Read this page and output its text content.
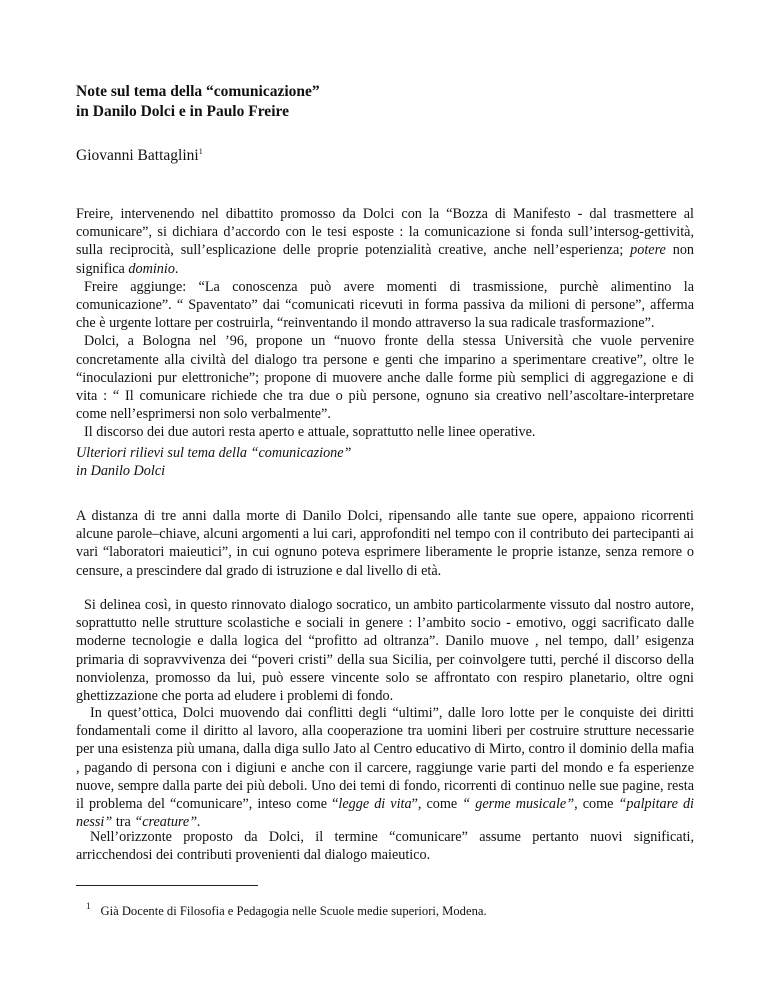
Note sul tema della “comunicazione”
in Danilo Dolci e in Paulo Freire
Giovanni Battaglini$^1$

Freire, intervenendo nel dibattito promosso da Dolci con la “Bozza di Manifesto - dal trasmettere al comunicare”, si dichiara d’accordo con le tesi esposte : la comunicazione si fonda sull’intersog-gettività, sulla reciprocità, sull’esplicazione delle proprie potenzialità creative, anche nell’esperienza; potere non significa dominio.

Freire aggiunge: “La conoscenza può avere momenti di trasmissione, purchè alimentino la comunicazione”. “ Spaventato” dai “comunicati ricevuti in forma passiva da milioni di persone”, afferma che è urgente lottare per costruirla, “reinventando il mondo attraverso la sua radicale trasformazione”.

Dolci, a Bologna nel ’96, propone un “nuovo fronte della stessa Università che vuole pervenire concretamente alla civiltà del dialogo tra persone e genti che imparino a sperimentare creative”, oltre le “inoculazioni pur elettroniche”; propone di muovere anche dalle forme più semplici di aggregazione e di vita : “ Il comunicare richiede che tra due o più persone, ognuno sia creativo nell’ascoltare-interpretare come nell’esprimersi non solo verbalmente”.

Il discorso dei due autori resta aperto e attuale, soprattutto nelle linee operative.

Ulteriori rilievi sul tema della “comunicazione”
in Danilo Dolci

A distanza di tre anni dalla morte di Danilo Dolci, ripensando alle tante sue opere, appaiono ricorrenti alcune parole–chiave, alcuni argomenti a lui cari, approfonditi nel tempo con il contributo dei partecipanti ai vari “laboratori maieutici”, in cui ognuno poteva esprimere liberamente le proprie istanze, senza remore o censure, a prescindere dal grado di istruzione e dal livello di età.

Si delinea così, in questo rinnovato dialogo socratico, un ambito particolarmente vissuto dal nostro autore, soprattutto nelle strutture scolastiche e sociali in genere : l’ambito socio - emotivo, oggi sacrificato dalle moderne tecnologie e dalla logica del “profitto ad oltranza”. Danilo muove , nel tempo, dall’ esigenza primaria di sopravvivenza dei “poveri cristi” della sua Sicilia, per coinvolgere tutti, perché il discorso della nonviolenza, promosso da lui, può essere vincente solo se affrontato con respiro planetario, oltre ogni ghettizzazione che porta ad eludere i problemi di fondo.

In quest’ottica, Dolci muovendo dai conflitti degli “ultimi”, dalle loro lotte per le conquiste dei diritti fondamentali come il diritto al lavoro, alla cooperazione tra uomini liberi per costruire strutture necessarie per una esistenza più umana, dalla diga sullo Jato al Centro educativo di Mirto, contro il dominio della mafia , pagando di persona con i digiuni e anche con il carcere, raggiunge varie parti del mondo e fa esperienze nuove, sempre dalla parte dei più deboli. Uno dei temi di fondo, ricorrenti di continuo nelle sue pagine, resta il problema del “comunicare”, inteso come “legge di vita”, come “ germe musicale”, come “palpitare di nessi” tra “creature”.

Nell’orizzonte proposto da Dolci, il termine “comunicare” assume pertanto nuovi significati, arricchendosi dei contributi provenienti dal dialogo maieutico.

$^1$ Già Docente di Filosofia e Pedagogia nelle Scuole medie superiori, Modena.
